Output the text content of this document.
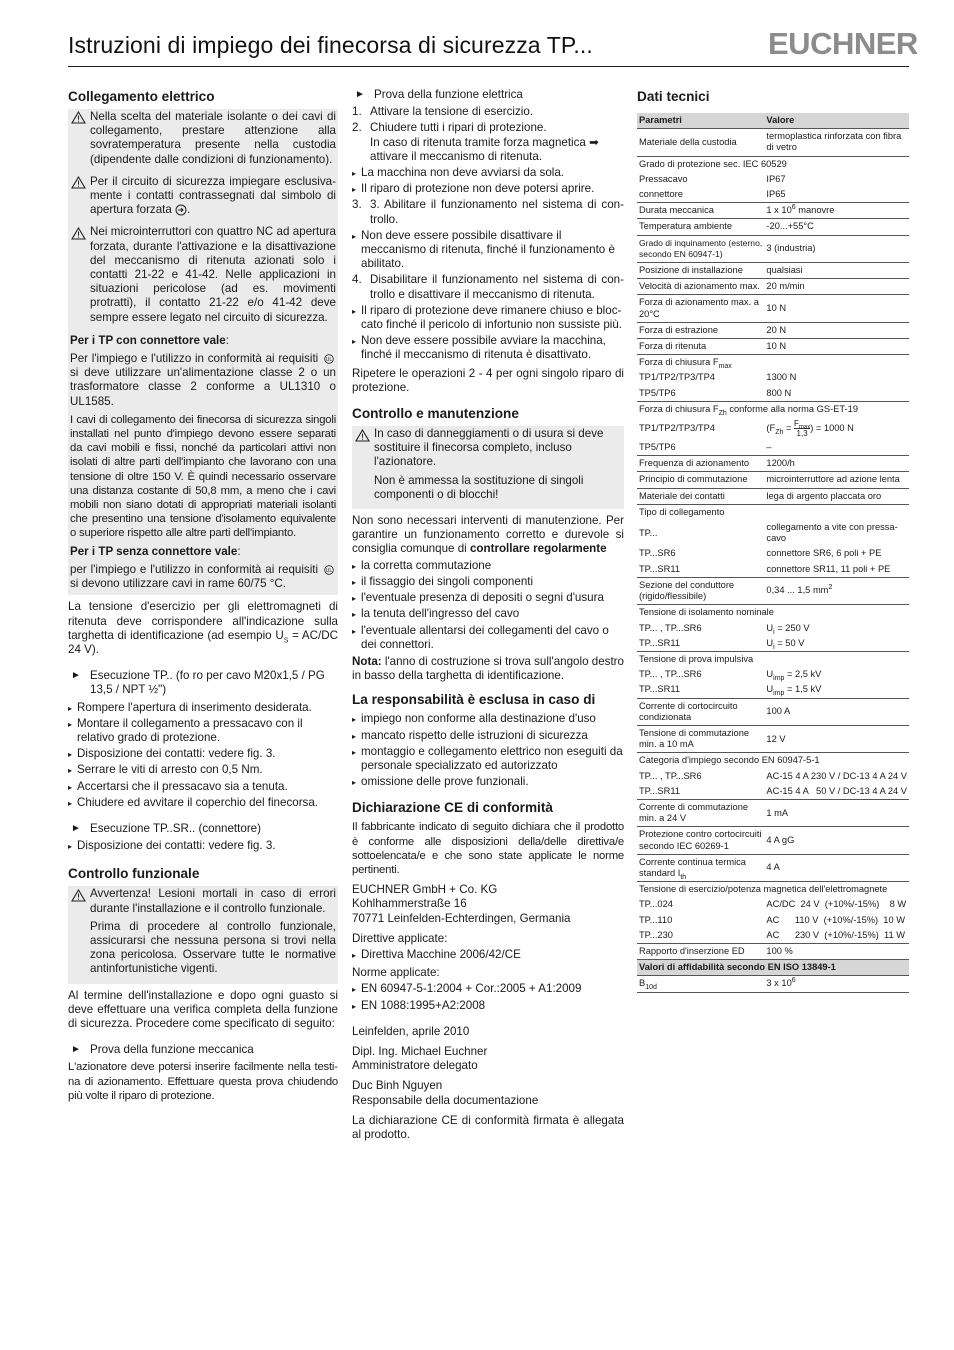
Istruzioni di impiego dei finecorsa di sicurezza TP...	EUCHNER
Collegamento elettrico

Nella scelta del materiale isolante o dei cavi di collegamento, prestare attenzione alla sovratemperatura presente nella custodia (dipendente dalle condizioni di funzionamento).

Per il circuito di sicurezza impiegare esclusivamente i contatti contrassegnati dal simbolo di apertura forzata .

Nei microinterruttori con quattro NC ad apertura forzata, durante l'attivazione e la disattivazione del meccanismo di ritenuta azionati solo i contatti 21-22 e 41-42. Nelle applicazioni in situazioni pericolose (ad es. movimenti protratti), il contatto 21-22 e/o 41-42 deve sempre essere legato nel circuito di sicurezza.

Per i TP con connettore vale:

Per l'impiego e l'utilizzo in conformità ai requisiti UL
si deve utilizzare un'alimentazione classe 2 o un trasformatore classe 2 conforme a UL1310 o UL1585.

I cavi di collegamento dei finecorsa di sicurezza singoli installati nel punto d'impiego devono essere separati da cavi mobili e fissi, nonché da particolari attivi non isolati di altre parti dell'impianto che lavorano con una tensione di oltre 150 V. È quindi necessario osservare una distanza costante di 50,8 mm, a meno che i cavi mobili non siano dotati di appropriati materiali isolanti che presentino una tensione d'isolamento equivalente o superiore rispetto alle altre parti dell'impianto.

Per i TP senza connettore vale:

per l'impiego e l'utilizzo in conformità ai requisiti UL
si devono utilizzare cavi in rame 60/75 °C.

La tensione d'esercizio per gli elettromagneti di ritenuta deve corrispondere all'indicazione sulla targhetta di identificazione (ad esempio $U_S = AC/DC$ 24 V).

► Esecuzione TP.. (fo ro per cavo M20x1,5 / PG 13,5 / NPT ½")
▸ Rompere l'apertura di inserimento desiderata.
▸ Montare il collegamento a pressacavo con il relativo grado di protezione.
▸ Disposizione dei contatti: vedere fig. 3.
▸ Serrare le viti di arresto con 0,5 Nm.
▸ Accertarsi che il pressacavo sia a tenuta.
▸ Chiudere ed avvitare il coperchio del finecorsa.
► Esecuzione TP..SR.. (connettore)
▸ Disposizione dei contatti: vedere fig. 3.
Controllo funzionale

Avvertenza! Lesioni mortali in caso di errori durante l'installazione e il controllo funzionale.

Prima di procedere al controllo funzionale, assicurarsi che nessuna persona si trovi nella zona pericolosa. Osservare tutte le normative antinfortunistiche vigenti.

Al termine dell'installazione e dopo ogni guasto si deve effettuare una verifica completa della funzione di sicurezza. Procedere come specificato di seguito:

► Prova della funzione meccanica

L'azionatore deve potersi inserire facilmente nella testina di azionamento. Effettuare questa prova chiudendo più volte il riparo di protezione.

► Prova della funzione elettrica
1. Attivare la tensione di esercizio.
2. Chiudere tutti i ripari di protezione.
In caso di ritenuta tramite forza magnetica ➡
attivare il meccanismo di ritenuta.
▸ La macchina non deve avviarsi da sola.
▸ Il riparo di protezione non deve potersi aprire.
3. 3. Abilitare il funzionamento nel sistema di controllo.
▸ Non deve essere possibile disattivare il meccanismo di ritenuta, finché il funzionamento è abilitato.
4. Disabilitare il funzionamento nel sistema di controllo e disattivare il meccanismo di ritenuta.
▸ Il riparo di protezione deve rimanere chiuso e bloccato finché il pericolo di infortunio non sussiste più.
▸ Non deve essere possibile avviare la macchina, finché il meccanismo di ritenuta è disattivato.

Ripetere le operazioni 2 - 4 per ogni singolo riparo di protezione.

Controllo e manutenzione

In caso di danneggiamenti o di usura si deve sostituire il finecorsa completo, incluso l'azionatore.

Non è ammessa la sostituzione di singoli componenti o di blocchi!

Non sono necessari interventi di manutenzione. Per garantire un funzionamento corretto e durevole si consiglia comunque di controllare regolarmente

▸ la corretta commutazione
▸ il fissaggio dei singoli componenti
▸ l'eventuale presenza di depositi o segni d'usura
▸ la tenuta dell'ingresso del cavo
▸ l'eventuale allentarsi dei collegamenti del cavo o dei connettori.

Nota: l'anno di costruzione si trova sull'angolo destro in basso della targhetta di identificazione.

La responsabilità è esclusa in caso di
▸ impiego non conforme alla destinazione d'uso
▸ mancato rispetto delle istruzioni di sicurezza
▸ montaggio e collegamento elettrico non eseguiti da personale specializzato ed autorizzato
▸ omissione delle prove funzionali.
Dichiarazione CE di conformità

Il fabbricante indicato di seguito dichiara che il prodotto è conforme alle disposizioni della/delle direttiva/e sottoelencata/e e che sono state applicate le norme pertinenti.

EUCHNER GmbH + Co. KG
Kohlhammerstraße 16
70771 Leinfelden-Echterdingen, Germania

Direttive applicate:

▸ Direttiva Macchine 2006/42/CE

Norme applicate:

▸ EN 60947-5-1:2004 + Cor.:2005 + A1:2009
▸ EN 1088:1995+A2:2008

Leinfelden, aprile 2010

Dipl. Ing. Michael Euchner
Amministratore delegato

Duc Binh Nguyen
Responsabile della documentazione

La dichiarazione CE di conformità firmata è allegata al prodotto.

Dati tecnici
Parametri	Valore
Materiale della custodia	termoplastica rinforzata con fibra di vetro
Grado di protezione sec. IEC 60529	
Pressacavo	IP67
connettore	IP65
Durata meccanica	1 x $10^6$ manovre
Temperatura ambiente	-20...+55°C
Grado di inquinamento (esterno, secondo EN 60947-1)	3 (industria)
Posizione di installazione	qualsiasi
Velocità di azionamento max.	20 m/min
Forza di azionamento max. a 20°C	10 N
Forza di estrazione	20 N
Forza di ritenuta	10 N
Forza di chiusura $F_{max}$
TP1/TP2/TP3/TP4	1300 N
TP5/TP6	800 N
Forza di chiusura $F_{Zh}$ conforme alla norma GS-ET-19	
TP1/TP2/TP3/TP4	($F_{Zh} = \frac{F_{max}}{1,3}$ ) = 1000 N
TP5/TP6	–
Frequenza di azionamento	1200/h
Principio di commutazione	microinterruttore ad azione lenta
Materiale dei contatti	lega di argento placcata oro
Tipo di collegamento	
TP...	collegamento a vite con pressacavo
TP...SR6	connettore SR6, 6 poli + PE
TP...SR11	connettore SR11, 11 poli + PE
Sezione del conduttore (rigido/flessibile)	0,34 ... 1,5 $mm^2$
Tensione di isolamento nominale	
TP... , TP...SR6	$U_i = 250$ V
TP...SR11	$U_i = 50$ V
Tensione di prova impulsiva	
TP... , TP...SR6	$U_{imp} = 2,5$ kV
TP...SR11	$U_{imp} = 1,5$ kV
Corrente di cortocircuito condizionata	100 A
Tensione di commutazione min. a 10 mA	12 V
Categoria d'impiego secondo EN 60947-5-1	
TP... , TP...SR6	AC-15 4 A 230 V / DC-13 4 A 24 V
TP...SR11	AC-15 4 A   50 V / DC-13 4 A 24 V
Corrente di commutazione min. a 24 V	1 mA
Protezione contro cortocircuiti secondo IEC 60269-1	4 A gG
Corrente continua termica standard $I_{th}$	4 A
Tensione di esercizio/potenza magnetica dell'elettromagnete	
TP...024	AC/DC  24 V  (+10%/-15%)    8 W
TP...110	AC      110 V  (+10%/-15%)  10 W
TP...230	AC      230 V  (+10%/-15%)  11 W
Rapporto d'inserzione ED	100 %
Valori di affidabilità secondo EN ISO 13849-1	
$B_{10d}$	3 x $10^6$
